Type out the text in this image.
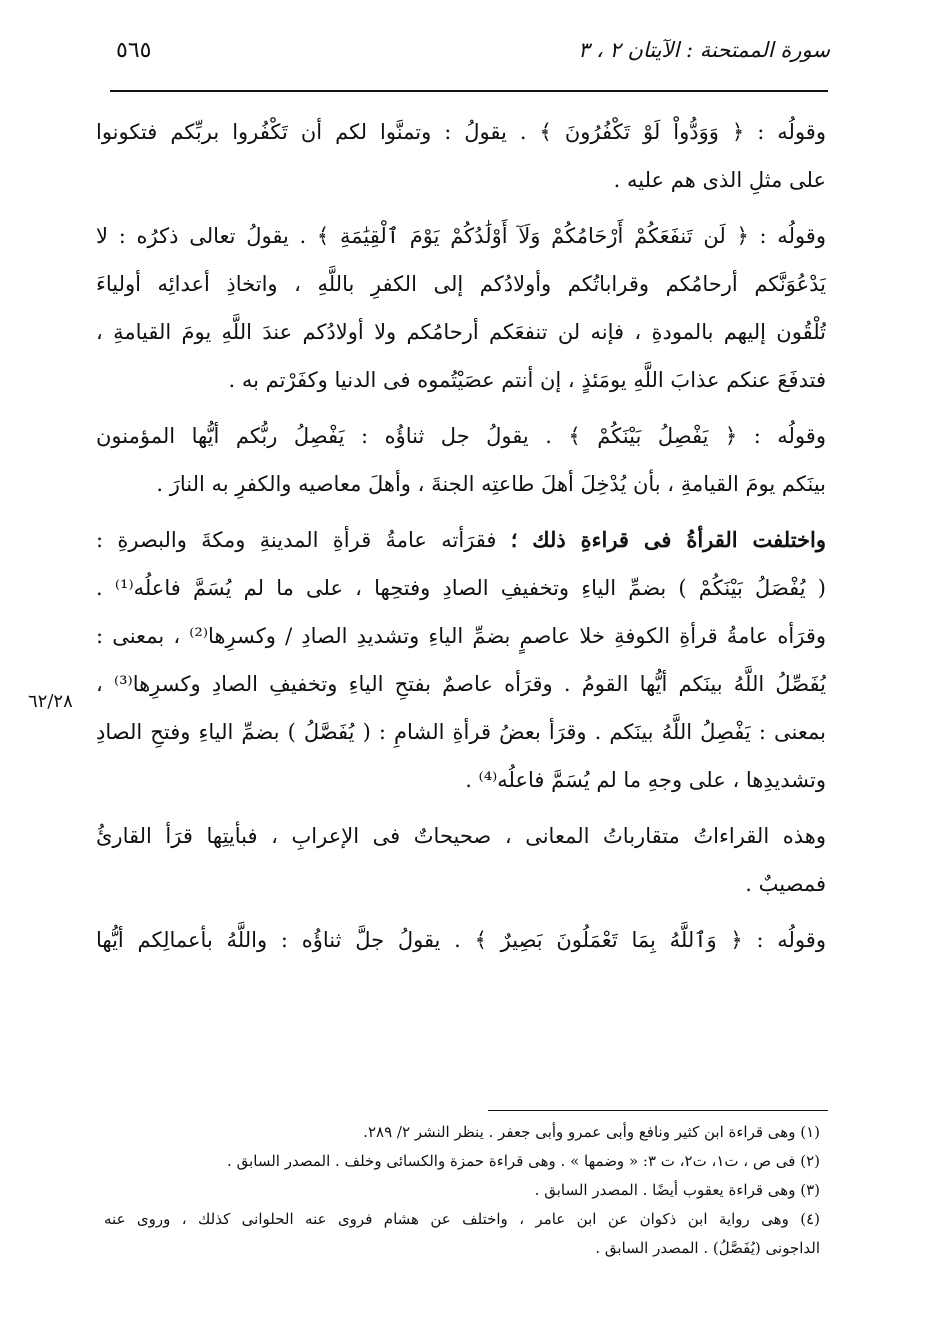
٥٦٥	سورة الممتحنة : الآيتان ٢ ، ٣

وقولُه : ﴿ وَوَدُّواْ لَوْ تَكْفُرُونَ ﴾ . يقولُ : وتمنَّوا لكم أن تَكْفُروا بربِّكم فتكونوا
على مثلِ الذى هم عليه .

وقولُه : ﴿ لَن تَنفَعَكُمْ أَرْحَامُكُمْ وَلَآ أَوْلَٰدُكُمْ يَوْمَ ٱلْقِيَٰمَةِ ﴾ . يقولُ تعالى ذكرُه : لا
يَدْعُوَنَّكم أرحامُكم وقراباتُكم وأولادُكم إلى الكفرِ باللَّهِ ، واتخاذِ أعدائِه أولياءَ
تُلْقُون إليهم بالمودةِ ، فإنه لن تنفعَكم أرحامُكم ولا أولادُكم عندَ اللَّهِ يومَ القيامةِ ،
فتدفَعَ عنكم عذابَ اللَّهِ يومَئذٍ ، إن أنتم عصَيْتُموه فى الدنيا وكفَرْتم به .

وقولُه : ﴿ يَفْصِلُ بَيْنَكُمْ ﴾ . يقولُ جل ثناؤُه : يَفْصِلُ ربُّكم أيُّها المؤمنون
بينَكم يومَ القيامةِ ، بأن يُدْخِلَ أهلَ طاعتِه الجنةَ ، وأهلَ معاصيه والكفرِ به النارَ .

واختلفت القرأةُ فى قراءةِ ذلك ؛ فقرَأته عامةُ قرأةِ المدينةِ ومكةَ والبصرةِ :
( يُفْصَلُ بَيْنَكُمْ ) بضمِّ الياءِ وتخفيفِ الصادِ وفتحِها ، على ما لم يُسَمَّ فاعلُه⁽¹⁾ .
وقرَأه عامةُ قرأةِ الكوفةِ خلا عاصمٍ بضمِّ الياءِ وتشديدِ الصادِ / وكسرِها⁽²⁾ ، بمعنى :
يُفَصِّلُ اللَّهُ بينَكم أيُّها القومُ . وقرَأه عاصمٌ بفتحِ الياءِ وتخفيفِ الصادِ وكسرِها⁽³⁾ ،
بمعنى : يَفْصِلُ اللَّهُ بينَكم . وقرَأ بعضُ قرأةِ الشامِ : ( يُفَصَّلُ ) بضمِّ الياءِ وفتحِ الصادِ
وتشديدِها ، على وجهِ ما لم يُسَمَّ فاعلُه⁽⁴⁾ .

وهذه القراءاتُ متقارباتُ المعانى ، صحيحاتٌ فى الإعرابِ ، فبأيتِها قرَأ القارئُ
فمصيبٌ .

وقولُه : ﴿ وَٱللَّهُ بِمَا تَعْمَلُونَ بَصِيرٌ ﴾ . يقولُ جلَّ ثناؤُه : واللَّهُ بأعمالِكم أيُّها

٦٢/٢٨
(١) وهى قراءة ابن كثير ونافع وأبى عمرو وأبى جعفر . ينظر النشر ٢/ ٢٨٩.
(٢) فى ص ، ت١، ت٢، ت ٣: « وضمها » . وهى قراءة حمزة والكسائى وخلف . المصدر السابق .
(٣) وهى قراءة يعقوب أيضًا . المصدر السابق .
(٤) وهى رواية ابن ذكوان عن ابن عامر ، واختلف عن هشام فروى عنه الحلوانى كذلك ، وروى عنه
الداجونى (يُفَصَّلُ) . المصدر السابق .
